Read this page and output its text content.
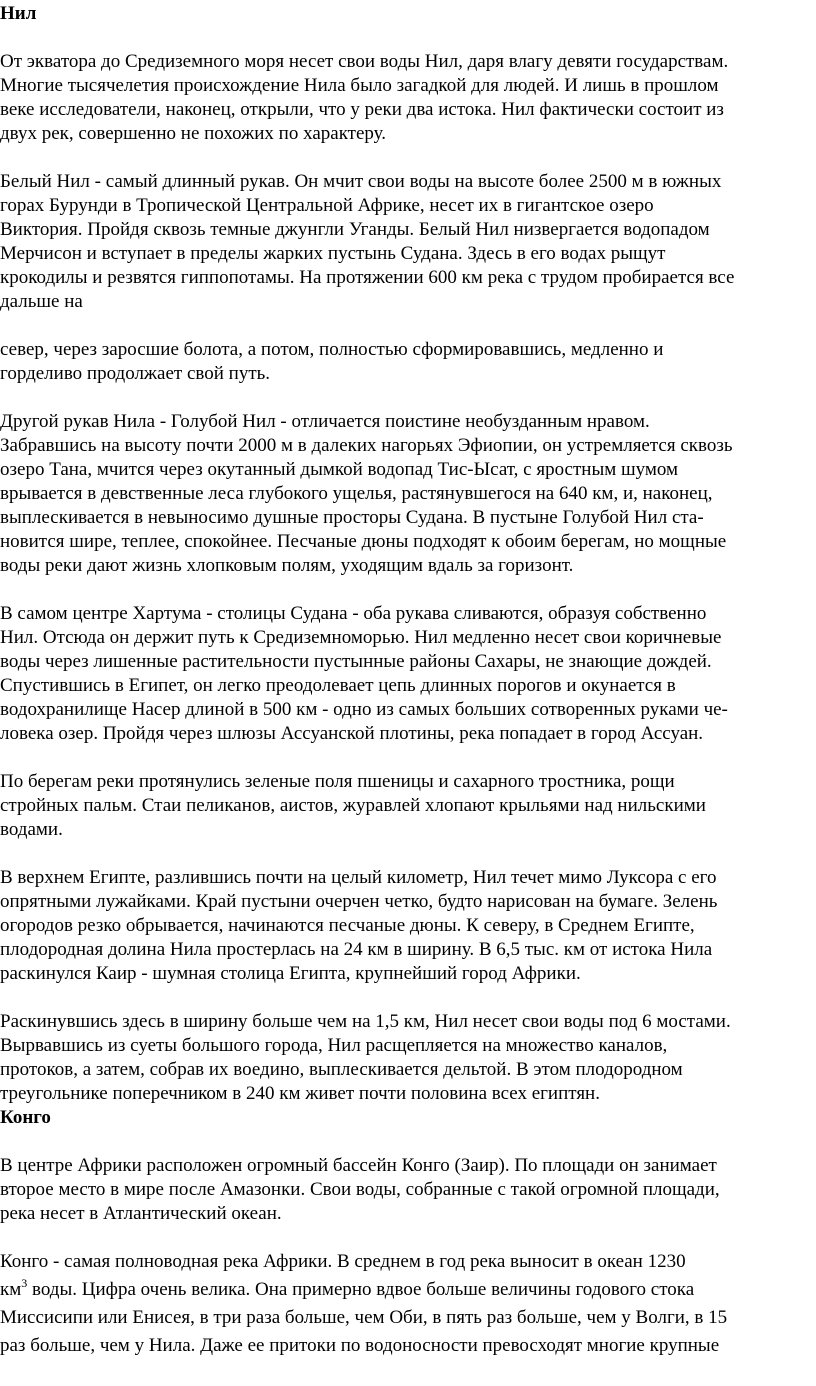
Нил
От экватора до Средиземного моря несет свои воды Нил, даря влагу девяти государствам.
Многие тысячелетия происхождение Нила было загадкой для людей. И лишь в прошлом
веке исследователи, наконец, открыли, что у реки два истока. Нил фактически состоит из
двух рек, совершенно не похожих по характеру.
Белый Нил - самый длинный рукав. Он мчит свои воды на высоте более 2500 м в южных
горах Бурунди в Тропической Центральной Африке, несет их в гигантское озеро
Виктория. Пройдя сквозь темные джунгли Уганды. Белый Нил низвергается водопадом
Мерчисон и вступает в пределы жарких пустынь Судана. Здесь в его водах рыщут
крокодилы и резвятся гиппопотамы. На протяжении 600 км река с трудом пробирается все
дальше на
север, через заросшие болота, а потом, полностью сформировавшись, медленно и
горделиво продолжает свой путь.
Другой рукав Нила - Голубой Нил - отличается поистине необузданным нравом.
Забравшись на высоту почти 2000 м в далеких нагорьях Эфиопии, он устремляется сквозь
озеро Тана, мчится через окутанный дымкой водопад Тис-Ысат, с яростным шумом
врывается в девственные леса глубокого ущелья, растянувшегося на 640 км, и, наконец,
выплескивается в невыносимо душные просторы Судана. В пустыне Голубой Нил ста-
новится шире, теплее, спокойнее. Песчаные дюны подходят к обоим берегам, но мощные
воды реки дают жизнь хлопковым полям, уходящим вдаль за горизонт.
В самом центре Хартума - столицы Судана - оба рукава сливаются, образуя собственно
Нил. Отсюда он держит путь к Средиземноморью. Нил медленно несет свои коричневые
воды через лишенные растительности пустынные районы Сахары, не знающие дождей.
Спустившись в Египет, он легко преодолевает цепь длинных порогов и окунается в
водохранилище Насер длиной в 500 км - одно из самых больших сотворенных руками че-
ловека озер. Пройдя через шлюзы Ассуанской плотины, река попадает в город Ассуан.
По берегам реки протянулись зеленые поля пшеницы и сахарного тростника, рощи
стройных пальм. Стаи пеликанов, аистов, журавлей хлопают крыльями над нильскими
водами.
В верхнем Египте, разлившись почти на целый километр, Нил течет мимо Луксора с его
опрятными лужайками. Край пустыни очерчен четко, будто нарисован на бумаге. Зелень
огородов резко обрывается, начинаются песчаные дюны. К северу, в Среднем Египте,
плодородная долина Нила простерлась на 24 км в ширину. В 6,5 тыс. км от истока Нила
раскинулся Каир - шумная столица Египта, крупнейший город Африки.
Раскинувшись здесь в ширину больше чем на 1,5 км, Нил несет свои воды под 6 мостами.
Вырвавшись из суеты большого города, Нил расщепляется на множество каналов,
протоков, а затем, собрав их воедино, выплескивается дельтой. В этом плодородном
треугольнике поперечником в 240 км живет почти половина всех египтян.
Конго
В центре Африки расположен огромный бассейн Конго (Заир). По площади он занимает
второе место в мире после Амазонки. Свои воды, собранные с такой огромной площади,
река несет в Атлантический океан.
Конго - самая полноводная река Африки. В среднем в год река выносит в океан 1230
$км^3$ воды. Цифра очень велика. Она примерно вдвое больше величины годового стока
Миссисипи или Енисея, в три раза больше, чем Оби, в пять раз больше, чем у Волги, в 15
раз больше, чем у Нила. Даже ее притоки по водоносности превосходят многие крупные
